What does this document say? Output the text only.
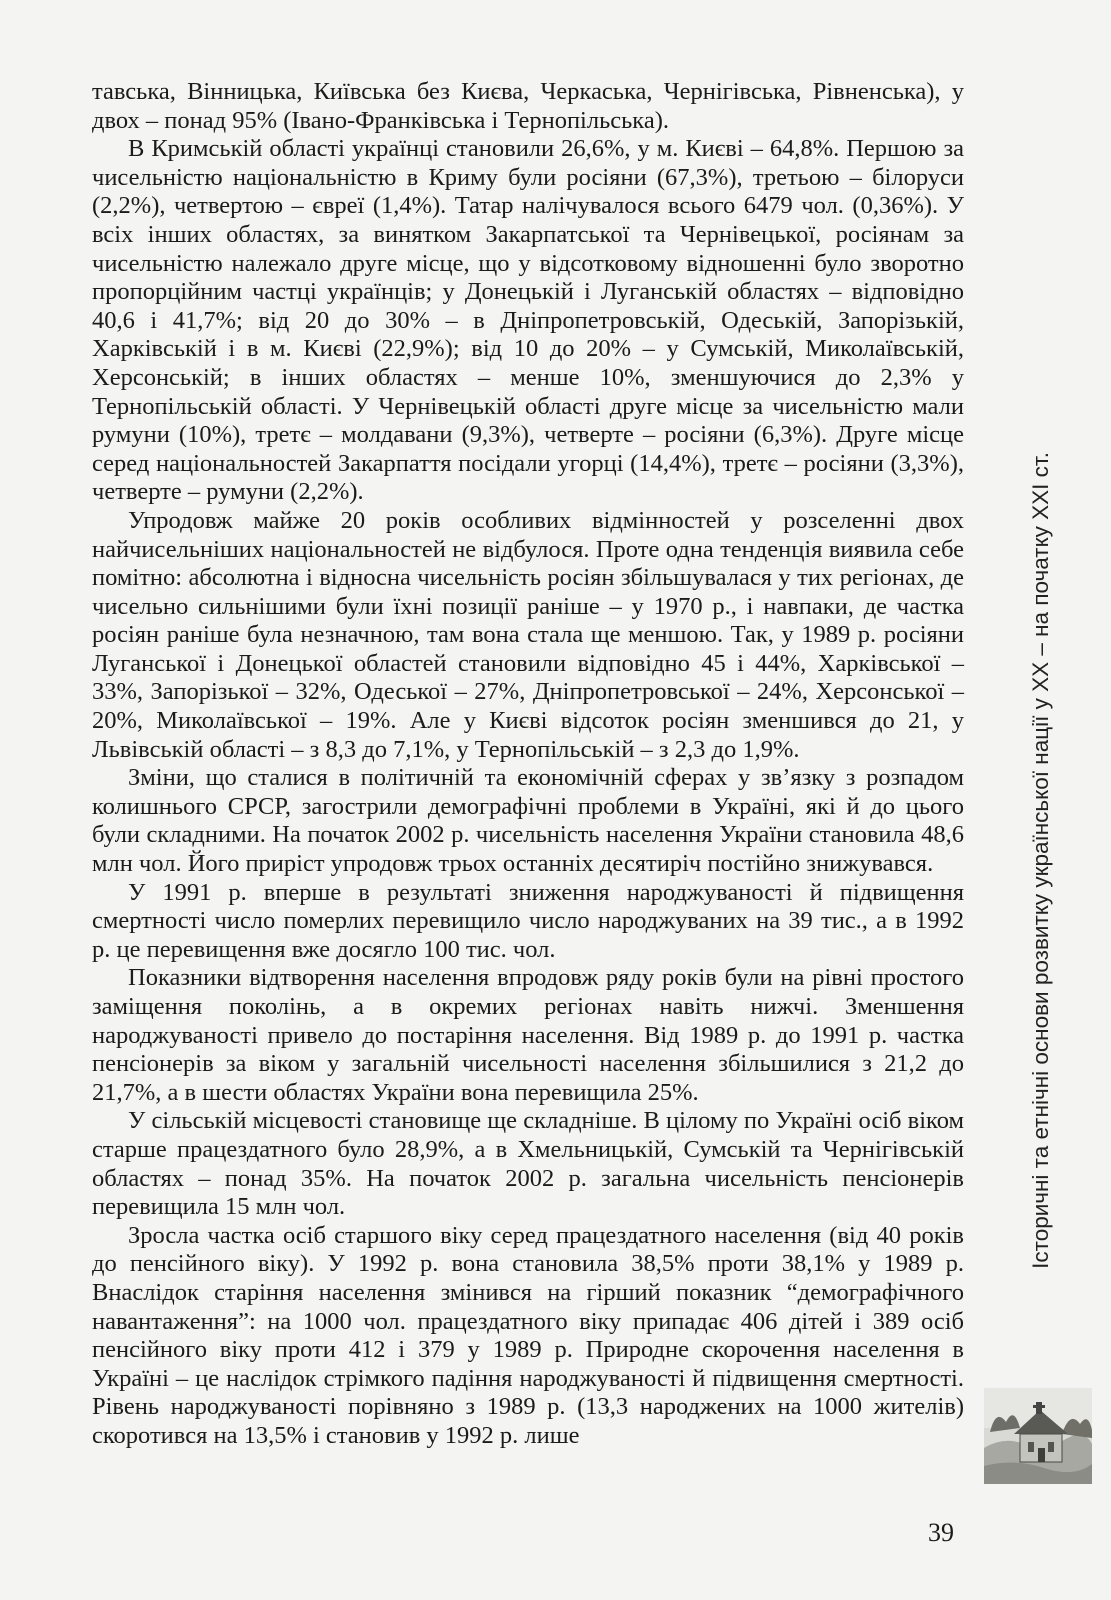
тавська, Вінницька, Київська без Києва, Черкаська, Чернігівська, Рівненська), у двох – понад 95% (Івано-Франківська і Тернопільська).

В Кримській області українці становили 26,6%, у м. Києві – 64,8%. Першою за чисельністю національністю в Криму були росіяни (67,3%), третьою – білоруси (2,2%), четвертою – євреї (1,4%). Татар налічувалося всього 6479 чол. (0,36%). У всіх інших областях, за винятком Закарпатської та Чернівецької, росіянам за чисельністю належало друге місце, що у відсотковому відношенні було зворотно пропорційним частці українців; у Донецькій і Луганській областях – відповідно 40,6 і 41,7%; від 20 до 30% – в Дніпропетровській, Одеській, Запорізькій, Харківській і в м. Києві (22,9%); від 10 до 20% – у Сумській, Миколаївській, Херсонській; в інших областях – менше 10%, зменшуючися до 2,3% у Тернопільській області. У Чернівецькій області друге місце за чисельністю мали румуни (10%), третє – молдавани (9,3%), четверте – росіяни (6,3%). Друге місце серед національностей Закарпаття посідали угорці (14,4%), третє – росіяни (3,3%), четверте – румуни (2,2%).

Упродовж майже 20 років особливих відмінностей у розселенні двох найчисельніших національностей не відбулося. Проте одна тенденція виявила себе помітно: абсолютна і відносна чисельність росіян збільшувалася у тих регіонах, де чисельно сильнішими були їхні позиції раніше – у 1970 р., і навпаки, де частка росіян раніше була незначною, там вона стала ще меншою. Так, у 1989 р. росіяни Луганської і Донецької областей становили відповідно 45 і 44%, Харківської – 33%, Запорізької – 32%, Одеської – 27%, Дніпропетровської – 24%, Херсонської – 20%, Миколаївської – 19%. Але у Києві відсоток росіян зменшився до 21, у Львівській області – з 8,3 до 7,1%, у Тернопільській – з 2,3 до 1,9%.

Зміни, що сталися в політичній та економічній сферах у зв’язку з розпадом колишнього СРСР, загострили демографічні проблеми в Україні, які й до цього були складними. На початок 2002 р. чисельність населення України становила 48,6 млн чол. Його приріст упродовж трьох останніх десятиріч постійно знижувався.

У 1991 р. вперше в результаті зниження народжуваності й підвищення смертності число померлих перевищило число народжуваних на 39 тис., а в 1992 р. це перевищення вже досягло 100 тис. чол.

Показники відтворення населення впродовж ряду років були на рівні простого заміщення поколінь, а в окремих регіонах навіть нижчі. Зменшення народжуваності привело до постаріння населення. Від 1989 р. до 1991 р. частка пенсіонерів за віком у загальній чисельності населення збільшилися з 21,2 до 21,7%, а в шести областях України вона перевищила 25%.

У сільській місцевості становище ще складніше. В цілому по Україні осіб віком старше працездатного було 28,9%, а в Хмельницькій, Сумській та Чернігівській областях – понад 35%. На початок 2002 р. загальна чисельність пенсіонерів перевищила 15 млн чол.

Зросла частка осіб старшого віку серед працездатного населення (від 40 років до пенсійного віку). У 1992 р. вона становила 38,5% проти 38,1% у 1989 р. Внаслідок старіння населення змінився на гірший показник “демографічного навантаження”: на 1000 чол. працездатного віку припадає 406 дітей і 389 осіб пенсійного віку проти 412 і 379 у 1989 р. Природне скорочення населення в Україні – це наслідок стрімкого падіння народжуваності й підвищення смертності. Рівень народжуваності порівняно з 1989 р. (13,3 народжених на 1000 жителів) скоротився на 13,5% і становив у 1992 р. лише

Історичні та етнічні основи розвитку української нації у XX – на початку XXI ст.
39
